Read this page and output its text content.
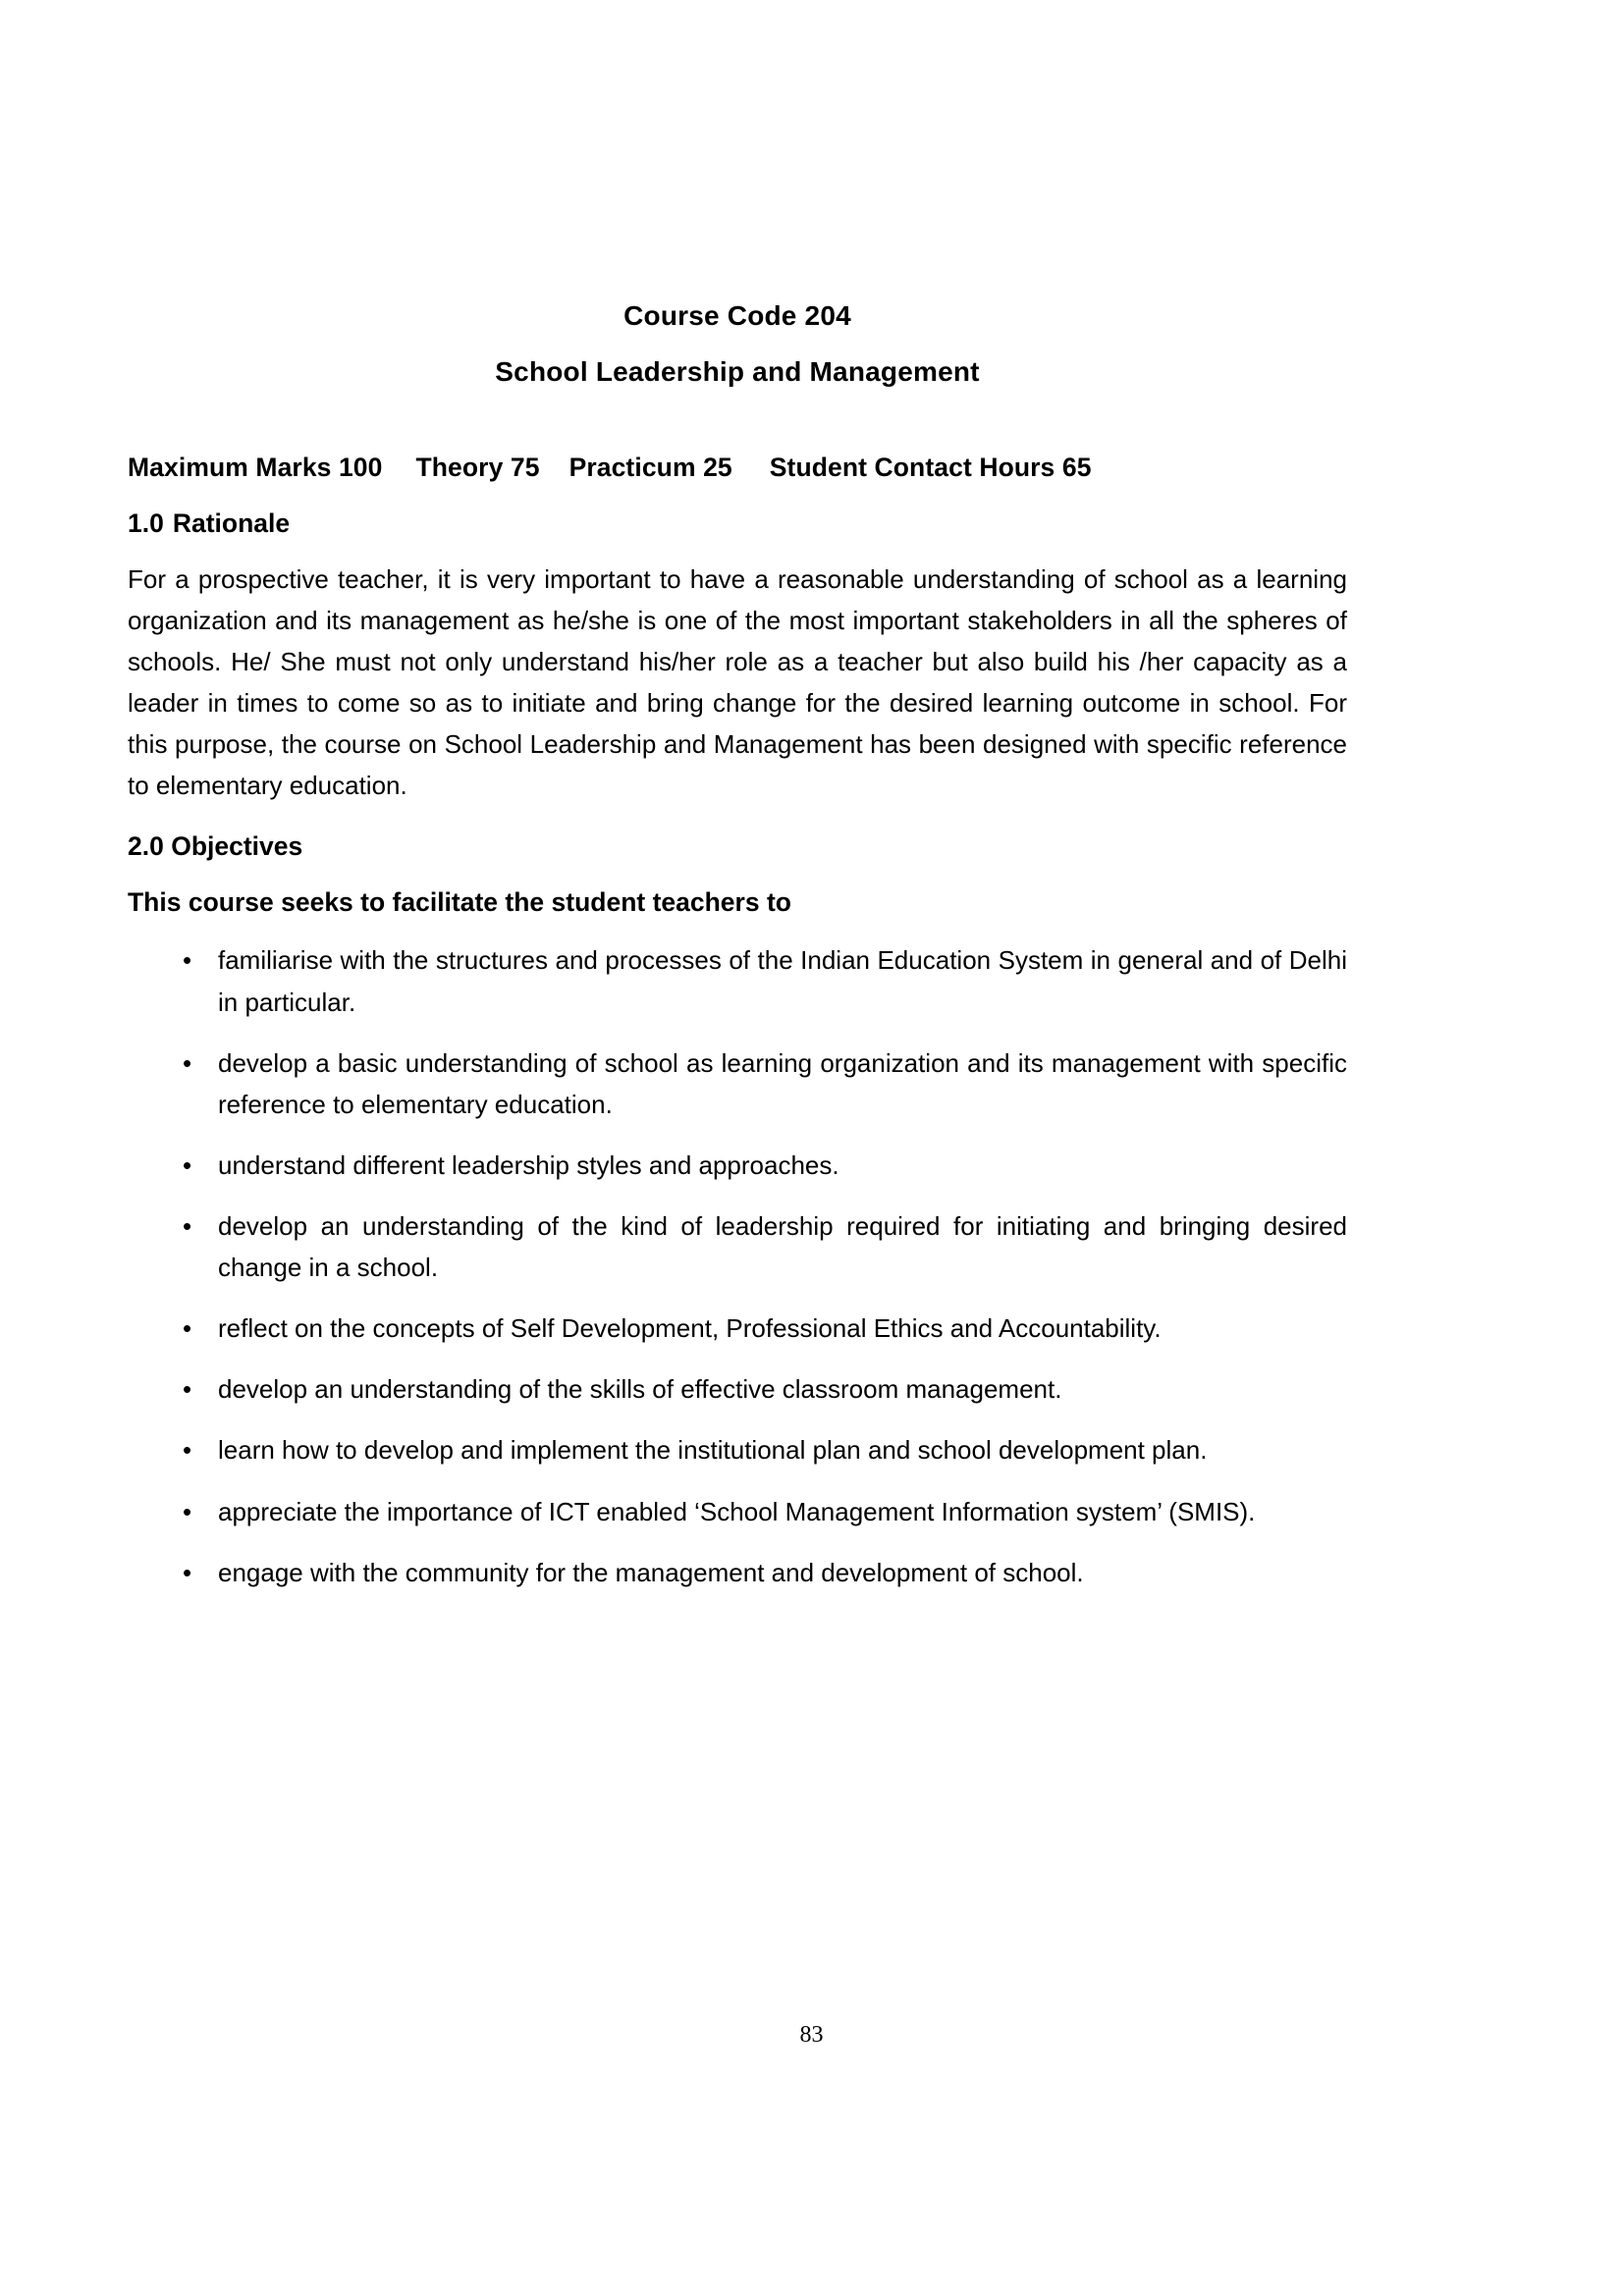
Course Code 204
School Leadership and Management
Maximum Marks 100 Theory 75 Practicum 25 Student Contact Hours 65
1.0 Rationale
For a prospective teacher, it is very important to have a reasonable understanding of school as a learning organization and its management as he/she is one of the most important stakeholders in all the spheres of schools. He/ She must not only understand his/her role as a teacher but also build his /her capacity as a leader in times to come so as to initiate and bring change for the desired learning outcome in school. For this purpose, the course on School Leadership and Management has been designed with specific reference to elementary education.
2.0 Objectives
This course seeks to facilitate the student teachers to
• familiarise with the structures and processes of the Indian Education System in general and of Delhi in particular.
• develop a basic understanding of school as learning organization and its management with specific reference to elementary education.
• understand different leadership styles and approaches.
• develop an understanding of the kind of leadership required for initiating and bringing desired change in a school.
• reflect on the concepts of Self Development, Professional Ethics and Accountability.
• develop an understanding of the skills of effective classroom management.
• learn how to develop and implement the institutional plan and school development plan.
• appreciate the importance of ICT enabled ‘School Management Information system’ (SMIS).
• engage with the community for the management and development of school.
83
